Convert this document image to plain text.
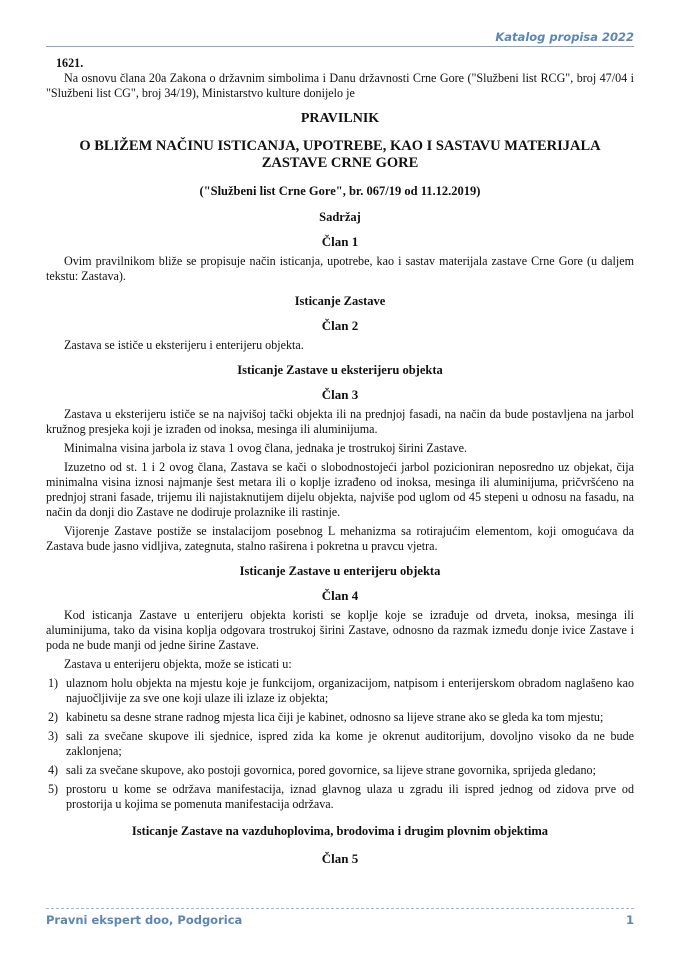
Katalog propisa 2022
1621.

Na osnovu člana 20a Zakona o državnim simbolima i Danu državnosti Crne Gore ("Službeni list RCG", broj 47/04 i "Službeni list CG", broj 34/19), Ministarstvo kulture donijelo je

PRAVILNIK
O BLIŽEM NAČINU ISTICANJA, UPOTREBE, KAO I SASTAVU MATERIJALA ZASTAVE CRNE GORE
("Službeni list Crne Gore", br. 067/19 od 11.12.2019)
Sadržaj
Član 1

Ovim pravilnikom bliže se propisuje način isticanja, upotrebe, kao i sastav materijala zastave Crne Gore (u daljem tekstu: Zastava).

Isticanje Zastave
Član 2

Zastava se ističe u eksterijeru i enterijeru objekta.

Isticanje Zastave u eksterijeru objekta
Član 3

Zastava u eksterijeru ističe se na najvišoj tački objekta ili na prednjoj fasadi, na način da bude postavljena na jarbol kružnog presjeka koji je izrađen od inoksa, mesinga ili aluminijuma.

Minimalna visina jarbola iz stava 1 ovog člana, jednaka je trostrukoj širini Zastave.

Izuzetno od st. 1 i 2 ovog člana, Zastava se kači o slobodnostojeći jarbol pozicioniran neposredno uz objekat, čija minimalna visina iznosi najmanje šest metara ili o koplje izrađeno od inoksa, mesinga ili aluminijuma, pričvršćeno na prednjoj strani fasade, trijemu ili najistaknutijem dijelu objekta, najviše pod uglom od 45 stepeni u odnosu na fasadu, na način da donji dio Zastave ne dodiruje prolaznike ili rastinje.

Vijorenje Zastave postiže se instalacijom posebnog L mehanizma sa rotirajućim elementom, koji omogućava da Zastava bude jasno vidljiva, zategnuta, stalno raširena i pokretna u pravcu vjetra.

Isticanje Zastave u enterijeru objekta
Član 4

Kod isticanja Zastave u enterijeru objekta koristi se koplje koje se izrađuje od drveta, inoksa, mesinga ili aluminijuma, tako da visina koplja odgovara trostrukoj širini Zastave, odnosno da razmak između donje ivice Zastave i poda ne bude manji od jedne širine Zastave.

Zastava u enterijeru objekta, može se isticati u:

1) ulaznom holu objekta na mjestu koje je funkcijom, organizacijom, natpisom i enterijerskom obradom naglašeno kao najuočljivije za sve one koji ulaze ili izlaze iz objekta;
2) kabinetu sa desne strane radnog mjesta lica čiji je kabinet, odnosno sa lijeve strane ako se gleda ka tom mjestu;
3) sali za svečane skupove ili sjednice, ispred zida ka kome je okrenut auditorijum, dovoljno visoko da ne bude zaklonjena;
4) sali za svečane skupove, ako postoji govornica, pored govornice, sa lijeve strane govornika, sprijeda gledano;
5) prostoru u kome se održava manifestacija, iznad glavnog ulaza u zgradu ili ispred jednog od zidova prve od prostorija u kojima se pomenuta manifestacija održava.
Isticanje Zastave na vazduhoplovima, brodovima i drugim plovnim objektima
Član 5
Pravni ekspert doo, Podgorica	1
